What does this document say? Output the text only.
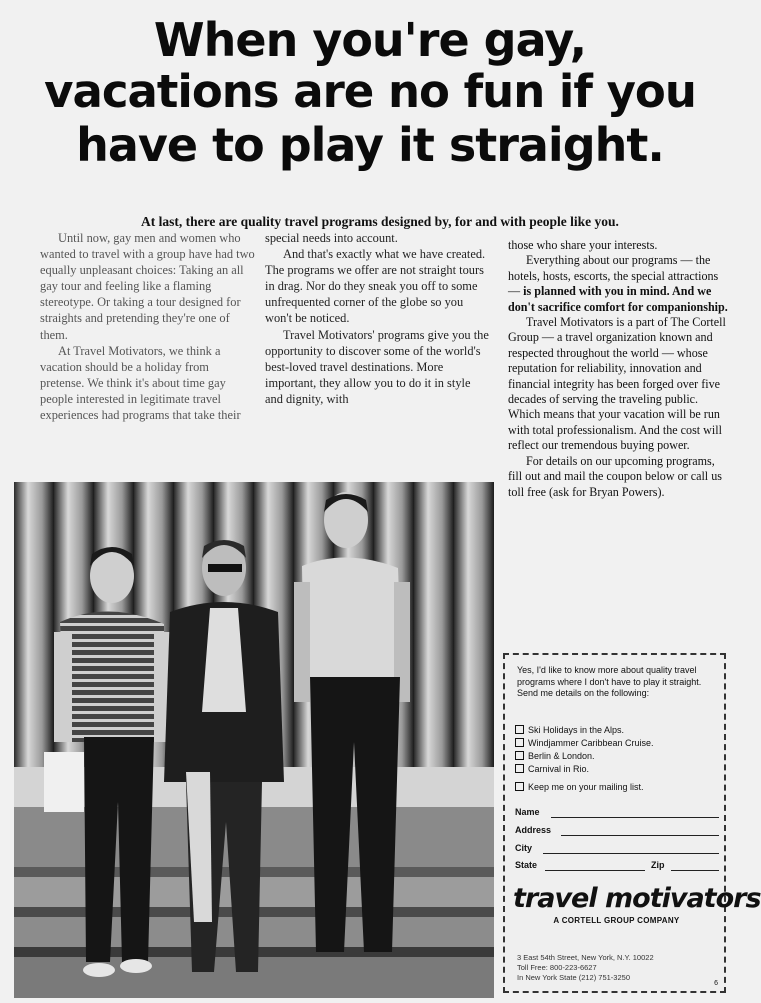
When you're gay,
vacations are no fun if you
have to play it straight.
At last, there are quality travel programs designed by, for and with people like you.

Until now, gay men and women who wanted to travel with a group have had two equally unpleasant choices: Taking an all gay tour and feeling like a flaming stereotype. Or taking a tour designed for straights and pretending they're one of them.

At Travel Motivators, we think a vacation should be a holiday from pretense. We think it's about time gay people interested in legitimate travel experiences had programs that take their

special needs into account.

And that's exactly what we have created. The programs we offer are not straight tours in drag. Nor do they sneak you off to some unfrequented corner of the globe so you won't be noticed.

Travel Motivators' programs give you the opportunity to discover some of the world's best-loved travel destinations. More important, they allow you to do it in style and dignity, with

those who share your interests.

Everything about our programs — the hotels, hosts, escorts, the special attractions — is planned with you in mind. And we don't sacrifice comfort for companionship.

Travel Motivators is a part of The Cortell Group — a travel organization known and respected throughout the world — whose reputation for reliability, innovation and financial integrity has been forged over five decades of serving the traveling public. Which means that your vacation will be run with total professionalism. And the cost will reflect our tremendous buying power.

For details on our upcoming programs, fill out and mail the coupon below or call us toll free (ask for Bryan Powers).

Yes, I'd like to know more about quality travel programs where I don't have to play it straight. Send me details on the following:
Ski Holidays in the Alps.
Windjammer Caribbean Cruise.
Berlin & London.
Carnival in Rio.
Keep me on your mailing list.
Name
Address
City
State	Zip
travel motivators
A CORTELL GROUP COMPANY
3 East 54th Street, New York, N.Y. 10022
Toll Free: 800-223-6627
In New York State (212) 751-3250
6
